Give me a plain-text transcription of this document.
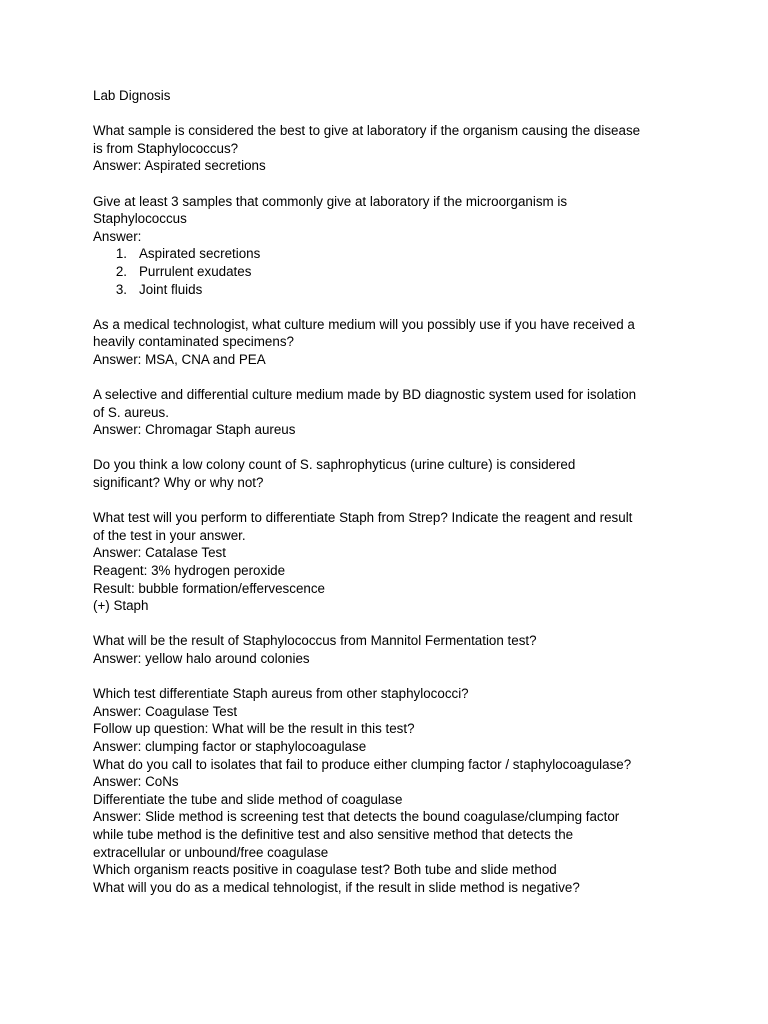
Lab Dignosis
What sample is considered the best to give at laboratory if the organism causing the disease
is from Staphylococcus?
Answer: Aspirated secretions
Give at least 3 samples that commonly give at laboratory if the microorganism is
Staphylococcus
Answer:
1. Aspirated secretions
2. Purrulent exudates
3. Joint fluids
As a medical technologist, what culture medium will you possibly use if you have received a
heavily contaminated specimens?
Answer: MSA, CNA and PEA
A selective and differential culture medium made by BD diagnostic system used for isolation
of S. aureus.
Answer: Chromagar Staph aureus
Do you think a low colony count of S. saphrophyticus (urine culture) is considered
significant? Why or why not?
What test will you perform to differentiate Staph from Strep? Indicate the reagent and result
of the test in your answer.
Answer: Catalase Test
Reagent: 3% hydrogen peroxide
Result: bubble formation/effervescence
(+) Staph
What will be the result of Staphylococcus from Mannitol Fermentation test?
Answer: yellow halo around colonies
Which test differentiate Staph aureus from other staphylococci?
Answer: Coagulase Test
Follow up question: What will be the result in this test?
Answer: clumping factor or staphylocoagulase
What do you call to isolates that fail to produce either clumping factor / staphylocoagulase?
Answer: CoNs
Differentiate the tube and slide method of coagulase
Answer: Slide method is screening test that detects the bound coagulase/clumping factor
while tube method is the definitive test and also sensitive method that detects the
extracellular or unbound/free coagulase
Which organism reacts positive in coagulase test? Both tube and slide method
What will you do as a medical tehnologist, if the result in slide method is negative?
